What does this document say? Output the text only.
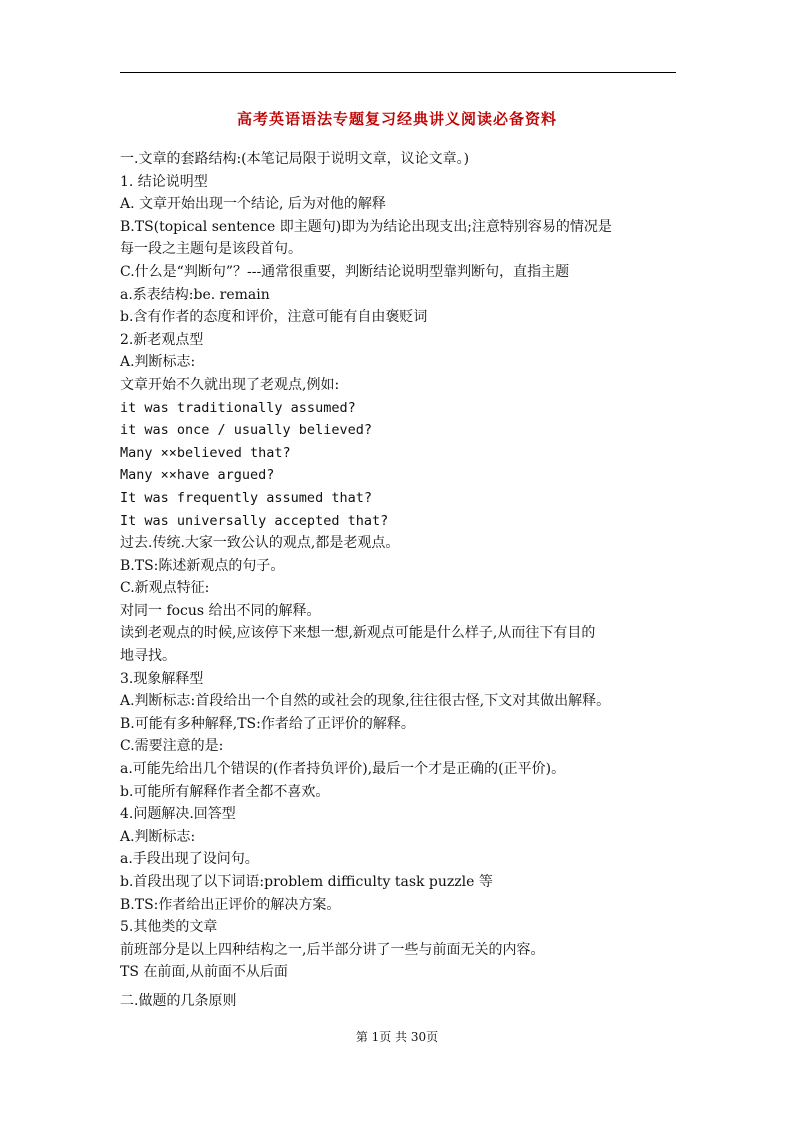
高考英语语法专题复习经典讲义阅读必备资料
一.文章的套路结构:(本笔记局限于说明文章，议论文章。)
1. 结论说明型
A. 文章开始出现一个结论, 后为对他的解释
B.TS(topical sentence 即主题句)即为为结论出现支出;注意特别容易的情况是
每一段之主题句是该段首句。
C.什么是“判断句”？---通常很重要，判断结论说明型靠判断句，直指主题
a.系表结构:be. remain
b.含有作者的态度和评价，注意可能有自由褒贬词
2.新老观点型
A.判断标志:
文章开始不久就出现了老观点,例如:
it was traditionally assumed?
it was once / usually believed?
Many ××believed that?
Many ××have argued?
It was frequently assumed that?
It was universally accepted that?
过去.传统.大家一致公认的观点,都是老观点。
B.TS:陈述新观点的句子。
C.新观点特征:
对同一 focus 给出不同的解释。
读到老观点的时候,应该停下来想一想,新观点可能是什么样子,从而往下有目的
地寻找。
3.现象解释型
A.判断标志:首段给出一个自然的或社会的现象,往往很古怪,下文对其做出解释。
B.可能有多种解释,TS:作者给了正评价的解释。
C.需要注意的是:
a.可能先给出几个错误的(作者持负评价),最后一个才是正确的(正平价)。
b.可能所有解释作者全都不喜欢。
4.问题解决.回答型
A.判断标志:
a.手段出现了设问句。
b.首段出现了以下词语:problem difficulty task puzzle 等
B.TS:作者给出正评价的解决方案。
5.其他类的文章
前班部分是以上四种结构之一,后半部分讲了一些与前面无关的内容。
TS 在前面,从前面不从后面
二.做题的几条原则
第 1页 共 30页
